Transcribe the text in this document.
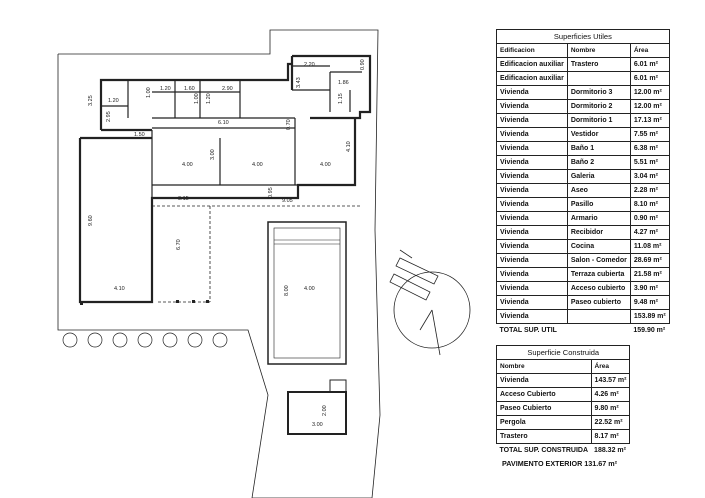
3.25	1.20
2.95
1.00 1.20 1.60
1.00 1.20
2.90
2.20
3.43	1.86
0.90
1.15
6.10	0.70
1.50
4.00
3.00
4.00	4.00
4.10
3.15
0.95
9.05
9.60
6.70
4.10	8.00	4.00
2.00
3.00
Superficies Utiles		
Edificacion	Nombre	Área
Edificacion auxiliar	Trastero	6.01 m²
Edificacion auxiliar		6.01 m²
Vivienda	Dormitorio 3	12.00 m²
Vivienda	Dormitorio 2	12.00 m²
Vivienda	Dormitorio 1	17.13 m²
Vivienda	Vestidor	7.55 m²
Vivienda	Baño 1	6.38 m²
Vivienda	Baño 2	5.51 m²
Vivienda	Galeria	3.04 m²
Vivienda	Aseo	2.28 m²
Vivienda	Pasillo	8.10 m²
Vivienda	Armario	0.90 m²
Vivienda	Recibidor	4.27 m²
Vivienda	Cocina	11.08 m²
Vivienda	Salon - Comedor	28.69 m²
Vivienda	Terraza cubierta	21.58 m²
Vivienda	Acceso cubierto	3.90 m²
Vivienda	Paseo cubierto	9.48 m²
Vivienda		153.89 m²
TOTAL SUP. UTIL		159.90 m²
Superficie Construida	
Nombre	Área
Vivienda	143.57 m²
Acceso Cubierto	4.26 m²
Paseo Cubierto	9.80 m²
Pergola	22.52 m²
Trastero	8.17 m²
TOTAL SUP. CONSTRUIDA	188.32 m²
PAVIMENTO EXTERIOR 131.67 m²
